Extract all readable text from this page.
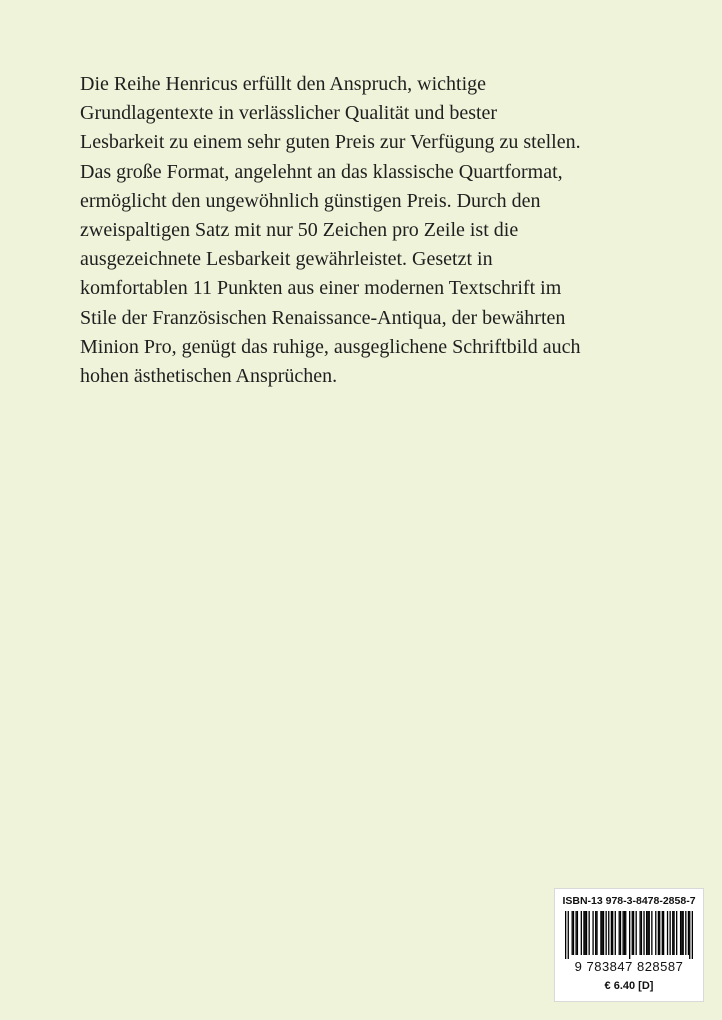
Die Reihe Henricus erfüllt den Anspruch, wichtige
Grundlagentexte in verlässlicher Qualität und bester
Lesbarkeit zu einem sehr guten Preis zur Verfügung zu stellen.
Das große Format, angelehnt an das klassische Quartformat,
ermöglicht den ungewöhnlich günstigen Preis. Durch den
zweispaltigen Satz mit nur 50 Zeichen pro Zeile ist die
ausgezeichnete Lesbarkeit gewährleistet. Gesetzt in
komfortablen 11 Punkten aus einer modernen Textschrift im
Stile der Französischen Renaissance-Antiqua, der bewährten
Minion Pro, genügt das ruhige, ausgeglichene Schriftbild auch
hohen ästhetischen Ansprüchen.
ISBN-13 978-3-8478-2858-7
9 783847 828587
€ 6.40 [D]
